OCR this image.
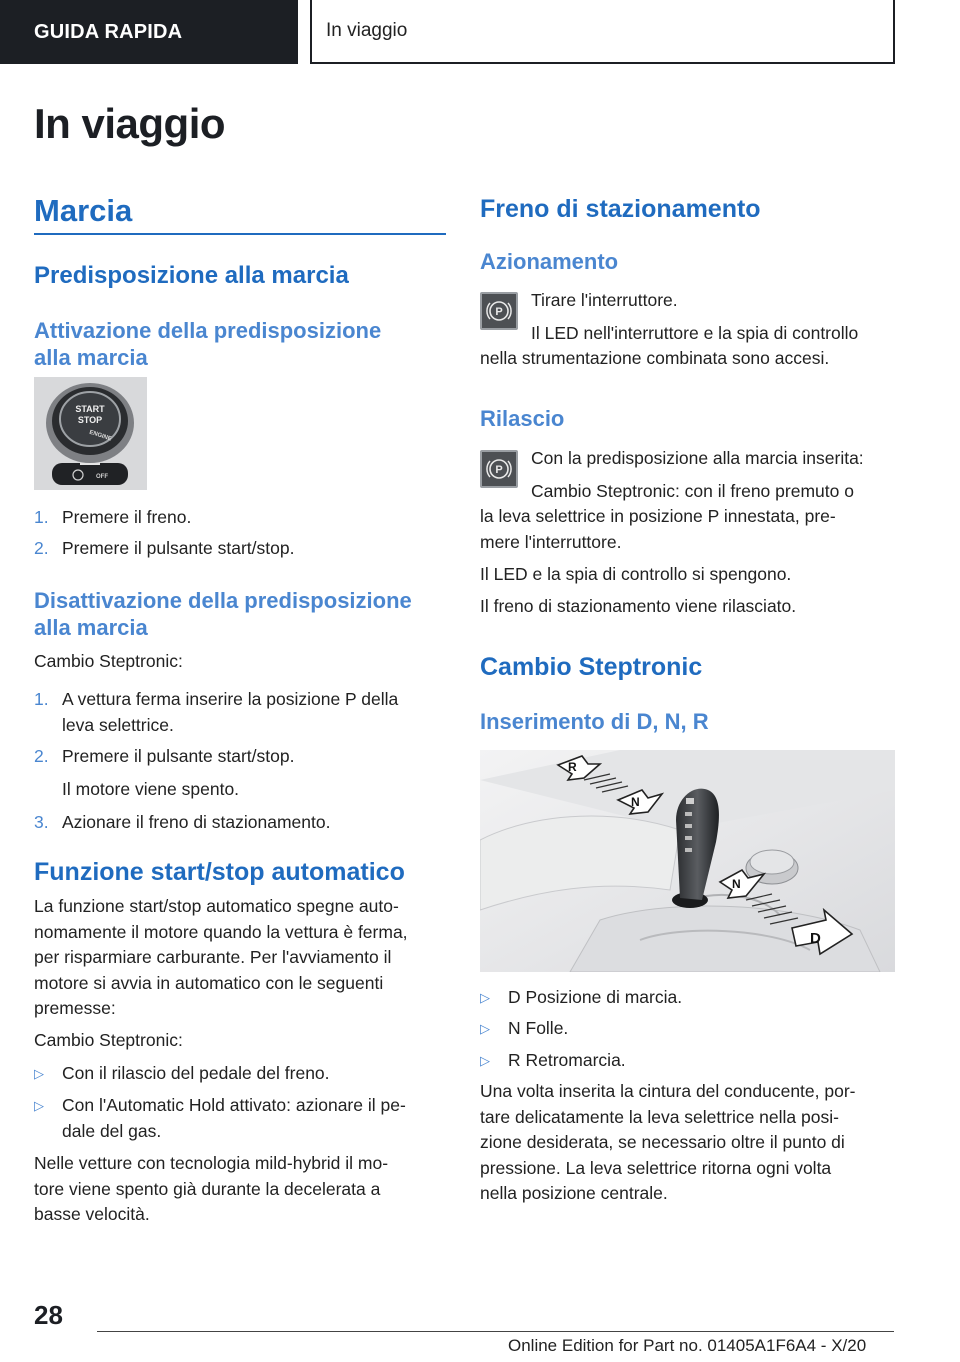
GUIDA RAPIDA	In viaggio
In viaggio
Marcia
Predisposizione alla marcia
Attivazione della predisposizione
alla marcia
START
STOP
ENGINE
OFF
1. Premere il freno.
2. Premere il pulsante start/stop.
Disattivazione della predisposizione
alla marcia
Cambio Steptronic:
1. A vettura ferma inserire la posizione P della
leva selettrice.
2. Premere il pulsante start/stop.
Il motore viene spento.
3. Azionare il freno di stazionamento.
Funzione start/stop automatico
La funzione start/stop automatico spegne auto-
nomamente il motore quando la vettura è ferma,
per risparmiare carburante. Per l'avviamento il
motore si avvia in automatico con le seguenti
premesse:
Cambio Steptronic:
▷ Con il rilascio del pedale del freno.
▷ Con l'Automatic Hold attivato: azionare il pe-
dale del gas.
Nelle vetture con tecnologia mild-hybrid il mo-
tore viene spento già durante la decelerata a
basse velocità.
Freno di stazionamento
Azionamento
P
Tirare l'interruttore.
Il LED nell'interruttore e la spia di controllo
nella strumentazione combinata sono accesi.
Rilascio
P
Con la predisposizione alla marcia inserita:
Cambio Steptronic: con il freno premuto o
la leva selettrice in posizione P innestata, pre-
mere l'interruttore.
Il LED e la spia di controllo si spengono.
Il freno di stazionamento viene rilasciato.
Cambio Steptronic
Inserimento di D, N, R
R
N
N
D
▷ D Posizione di marcia.
▷ N Folle.
▷ R Retromarcia.
Una volta inserita la cintura del conducente, por-
tare delicatamente la leva selettrice nella posi-
zione desiderata, se necessario oltre il punto di
pressione. La leva selettrice ritorna ogni volta
nella posizione centrale.
28
Online Edition for Part no. 01405A1F6A4 - X/20
